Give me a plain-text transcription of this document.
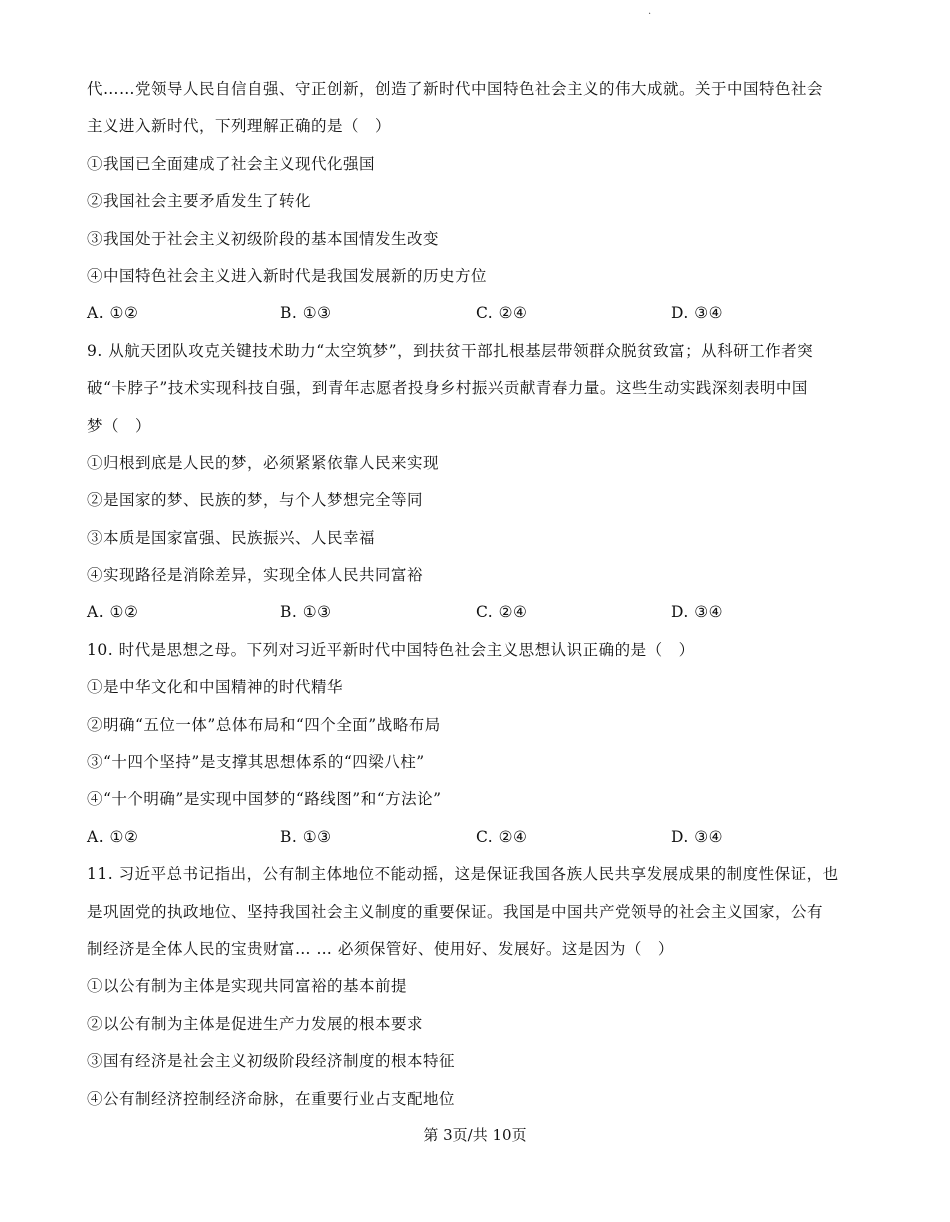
.
代……党领导人民自信自强、守正创新，创造了新时代中国特色社会主义的伟大成就。关于中国特色社会
主义进入新时代，下列理解正确的是（　）
①我国已全面建成了社会主义现代化强国
②我国社会主要矛盾发生了转化
③我国处于社会主义初级阶段的基本国情发生改变
④中国特色社会主义进入新时代是我国发展新的历史方位
A. ①②	B. ①③	C. ②④	D. ③④
9. 从航天团队攻克关键技术助力“太空筑梦”，到扶贫干部扎根基层带领群众脱贫致富；从科研工作者突
破“卡脖子”技术实现科技自强，到青年志愿者投身乡村振兴贡献青春力量。这些生动实践深刻表明中国
梦（　）
①归根到底是人民的梦，必须紧紧依靠人民来实现
②是国家的梦、民族的梦，与个人梦想完全等同
③本质是国家富强、民族振兴、人民幸福
④实现路径是消除差异，实现全体人民共同富裕
A. ①②	B. ①③	C. ②④	D. ③④
10. 时代是思想之母。下列对习近平新时代中国特色社会主义思想认识正确的是（　）
①是中华文化和中国精神的时代精华
②明确“五位一体”总体布局和“四个全面”战略布局
③“十四个坚持”是支撑其思想体系的“四梁八柱”
④“十个明确”是实现中国梦的“路线图”和“方法论”
A. ①②	B. ①③	C. ②④	D. ③④
11. 习近平总书记指出，公有制主体地位不能动摇，这是保证我国各族人民共享发展成果的制度性保证，也
是巩固党的执政地位、坚持我国社会主义制度的重要保证。我国是中国共产党领导的社会主义国家，公有
制经济是全体人民的宝贵财富… … 必须保管好、使用好、发展好。这是因为（　）
①以公有制为主体是实现共同富裕的基本前提
②以公有制为主体是促进生产力发展的根本要求
③国有经济是社会主义初级阶段经济制度的根本特征
④公有制经济控制经济命脉，在重要行业占支配地位
第 3页/共 10页
